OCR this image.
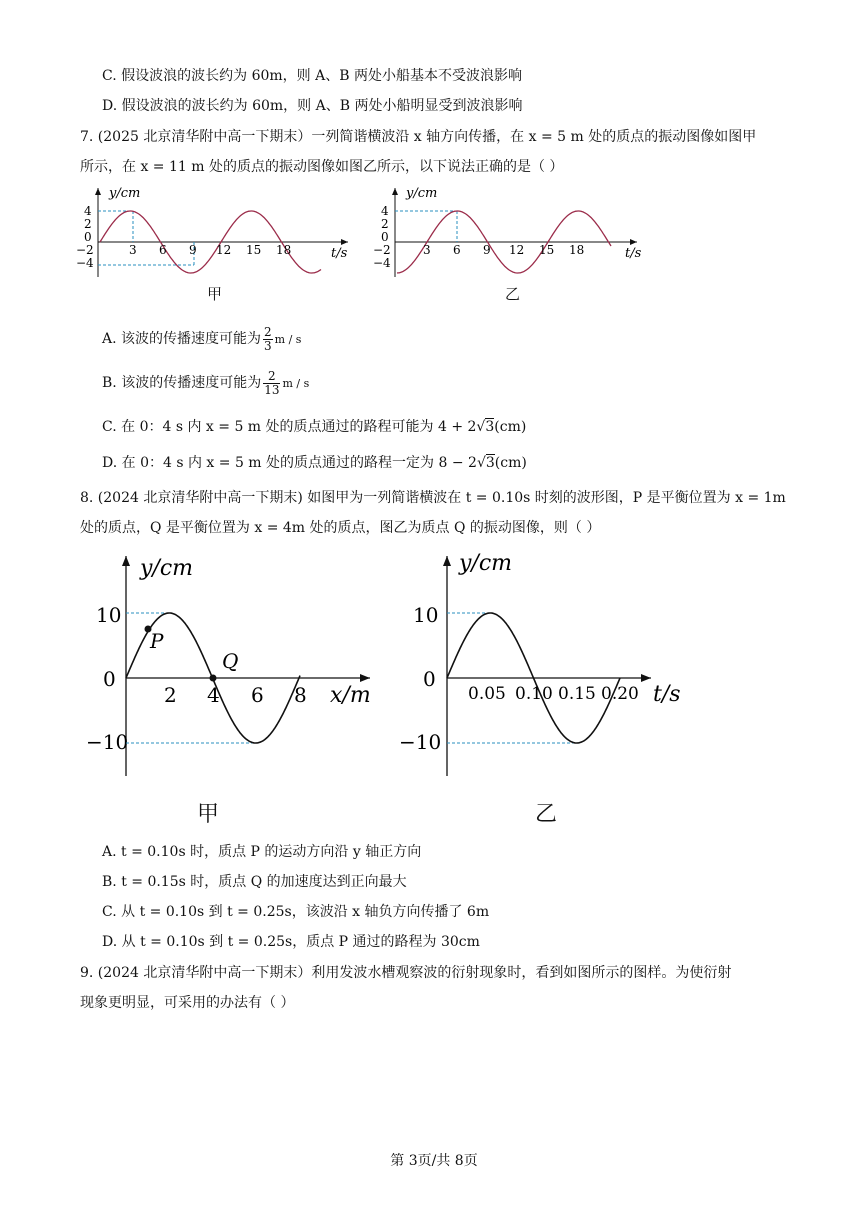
C. 假设波浪的波长约为 60m，则 A、B 两处小船基本不受波浪影响
D. 假设波浪的波长约为 60m，则 A、B 两处小船明显受到波浪影响
7. (2025 北京清华附中高一下期末）一列简谐横波沿 x 轴方向传播，在 x = 5 m 处的质点的振动图像如图甲
所示，在 x = 11 m 处的质点的振动图像如图乙所示，以下说法正确的是（ ）
y/cm
4
2
0
−2
−4
3 6 9 12 15 18	t/s
甲
y/cm
4
2
0
−2
−4
3 6 9 12 15 18	t/s
乙
A. 该波的传播速度可能为 $\frac{2}{3}$ m / s
B. 该波的传播速度可能为 $\frac{2}{13}$ m / s
C. 在 0：4 s 内 x = 5 m 处的质点通过的路程可能为 4 + 2√3(cm)
D. 在 0：4 s 内 x = 5 m 处的质点通过的路程一定为 8 − 2√3(cm)
8. (2024 北京清华附中高一下期末) 如图甲为一列简谐横波在 t = 0.10s 时刻的波形图，P 是平衡位置为 x = 1m
处的质点，Q 是平衡位置为 x = 4m 处的质点，图乙为质点 Q 的振动图像，则（ ）
y/cm
10
0
−10
P
Q
2 4 6 8 x/m
y/cm
10
0
−10
0.05 0.10 0.15 0.20 t/s
甲	乙
A. t = 0.10s 时，质点 P 的运动方向沿 y 轴正方向
B. t = 0.15s 时，质点 Q 的加速度达到正向最大
C. 从 t = 0.10s 到 t = 0.25s，该波沿 x 轴负方向传播了 6m
D. 从 t = 0.10s 到 t = 0.25s，质点 P 通过的路程为 30cm
9. (2024 北京清华附中高一下期末）利用发波水槽观察波的衍射现象时，看到如图所示的图样。为使衍射
现象更明显，可采用的办法有（ ）
第 3页/共 8页
